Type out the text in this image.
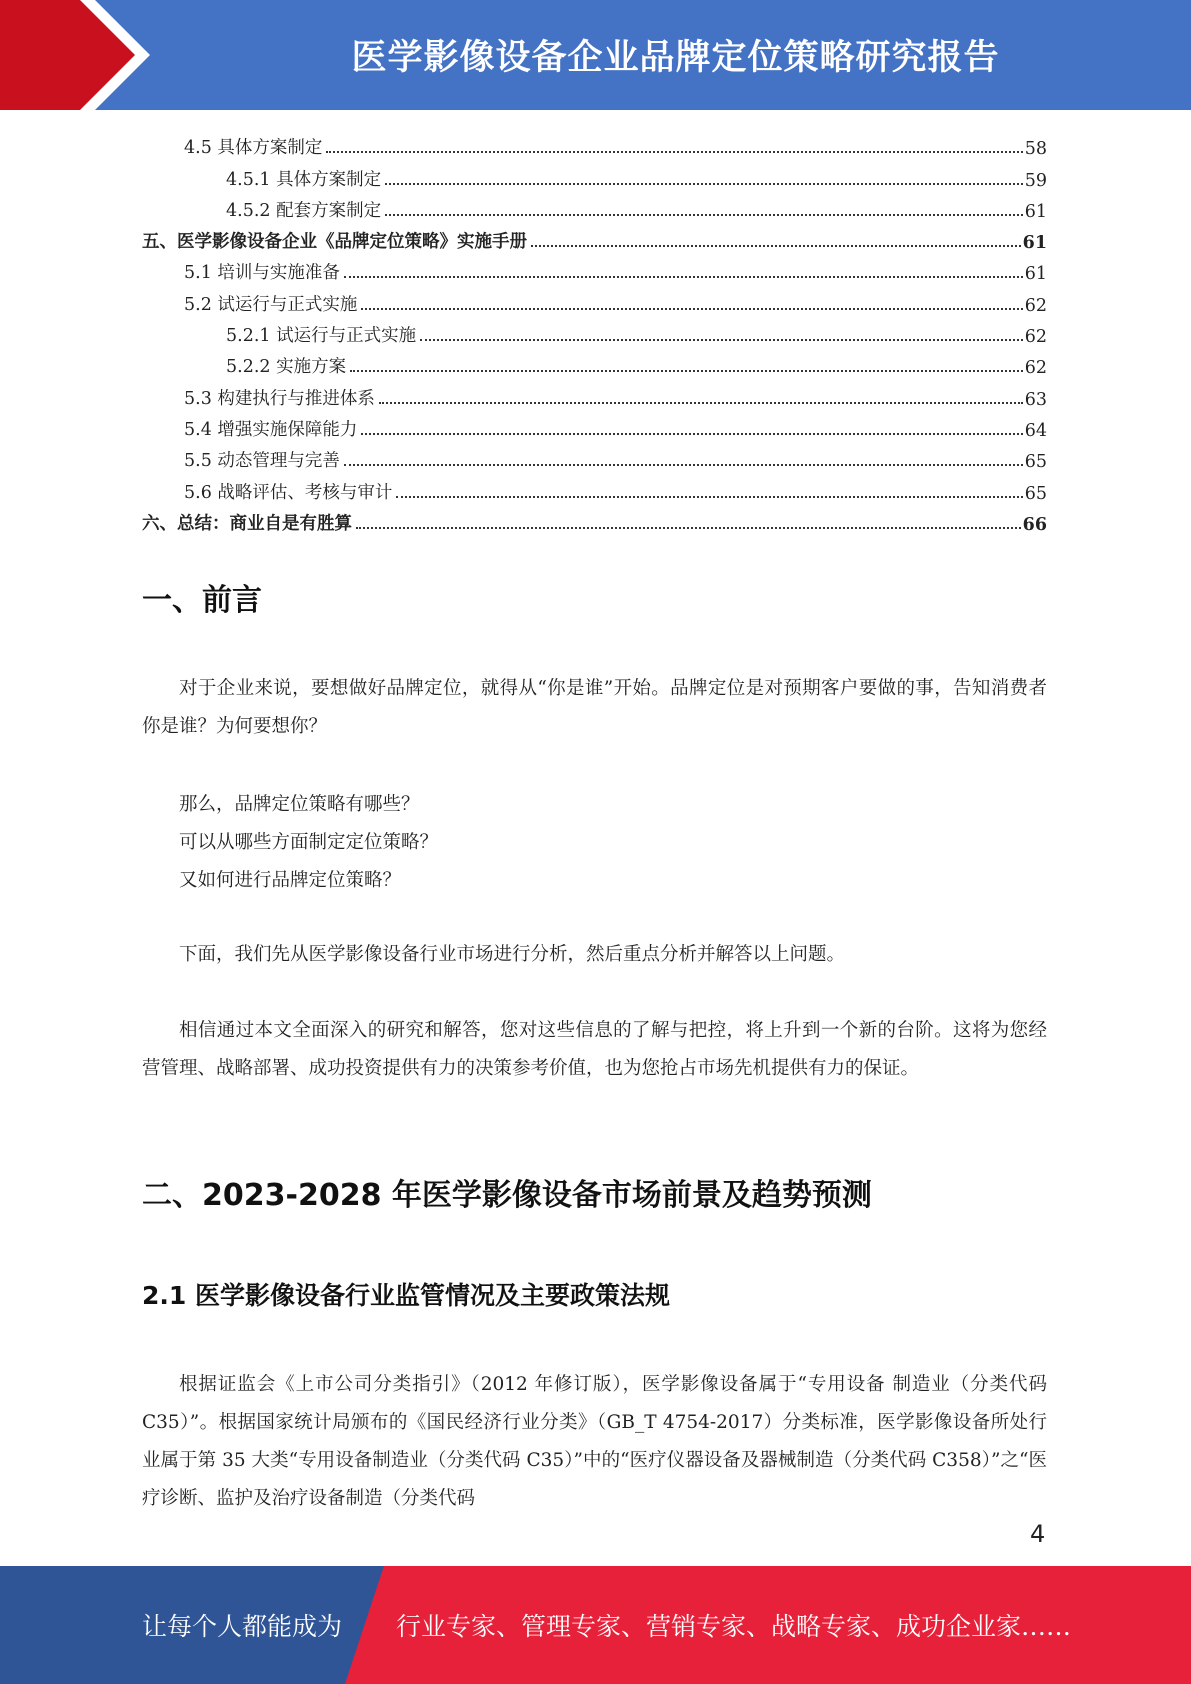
医学影像设备企业品牌定位策略研究报告
4.5 具体方案制定	58
4.5.1 具体方案制定	59
4.5.2 配套方案制定	61
五、医学影像设备企业《品牌定位策略》实施手册	61
5.1 培训与实施准备	61
5.2 试运行与正式实施	62
5.2.1 试运行与正式实施	62
5.2.2 实施方案	62
5.3 构建执行与推进体系	63
5.4 增强实施保障能力	64
5.5 动态管理与完善	65
5.6 战略评估、考核与审计	65
六、总结：商业自是有胜算	66
一、前言

对于企业来说，要想做好品牌定位，就得从“你是谁”开始。品牌定位是对预期客户要做的事，告知消费者你是谁？为何要想你？

那么，品牌定位策略有哪些？

可以从哪些方面制定定位策略？

又如何进行品牌定位策略？

下面，我们先从医学影像设备行业市场进行分析，然后重点分析并解答以上问题。

相信通过本文全面深入的研究和解答，您对这些信息的了解与把控，将上升到一个新的台阶。这将为您经营管理、战略部署、成功投资提供有力的决策参考价值，也为您抢占市场先机提供有力的保证。

二、2023-2028 年医学影像设备市场前景及趋势预测
2.1 医学影像设备行业监管情况及主要政策法规

根据证监会《上市公司分类指引》（2012 年修订版），医学影像设备属于“专用设备 制造业（分类代码 C35）”。根据国家统计局颁布的《国民经济行业分类》（GB_T 4754-2017）分类标准，医学影像设备所处行业属于第 35 大类“专用设备制造业（分类代码 C35）”中的“医疗仪器设备及器械制造（分类代码 C358）”之“医疗诊断、监护及治疗设备制造（分类代码

4
让每个人都能成为 行业专家、管理专家、营销专家、战略专家、成功企业家……
